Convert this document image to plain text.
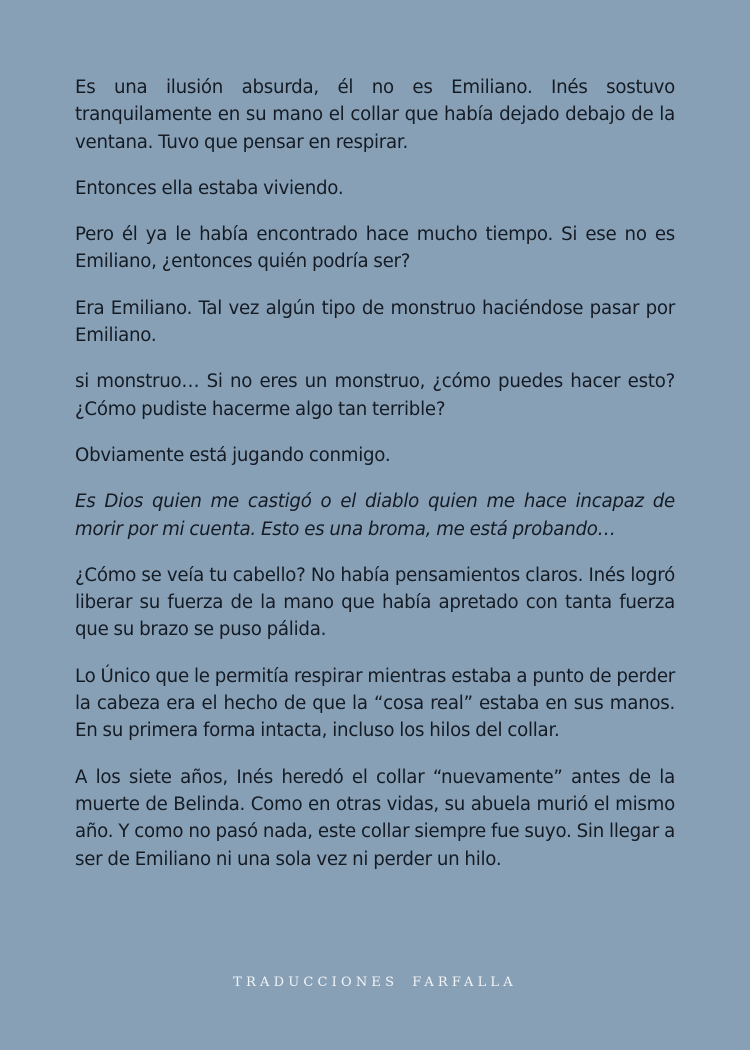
Es una ilusión absurda, él no es Emiliano. Inés sostuvo tranquilamente en su mano el collar que había dejado debajo de la ventana. Tuvo que pensar en respirar.

Entonces ella estaba viviendo.

Pero él ya le había encontrado hace mucho tiempo. Si ese no es Emiliano, ¿entonces quién podría ser?

Era Emiliano. Tal vez algún tipo de monstruo haciéndose pasar por Emiliano.

si monstruo… Si no eres un monstruo, ¿cómo puedes hacer esto? ¿Cómo pudiste hacerme algo tan terrible?

Obviamente está jugando conmigo.

Es Dios quien me castigó o el diablo quien me hace incapaz de morir por mi cuenta. Esto es una broma, me está probando…

¿Cómo se veía tu cabello? No había pensamientos claros. Inés logró liberar su fuerza de la mano que había apretado con tanta fuerza que su brazo se puso pálida.

Lo Único que le permitía respirar mientras estaba a punto de perder la cabeza era el hecho de que la “cosa real” estaba en sus manos. En su primera forma intacta, incluso los hilos del collar.

A los siete años, Inés heredó el collar “nuevamente” antes de la muerte de Belinda. Como en otras vidas, su abuela murió el mismo año. Y como no pasó nada, este collar siempre fue suyo. Sin llegar a ser de Emiliano ni una sola vez ni perder un hilo.

TRADUCCIONES FARFALLA
